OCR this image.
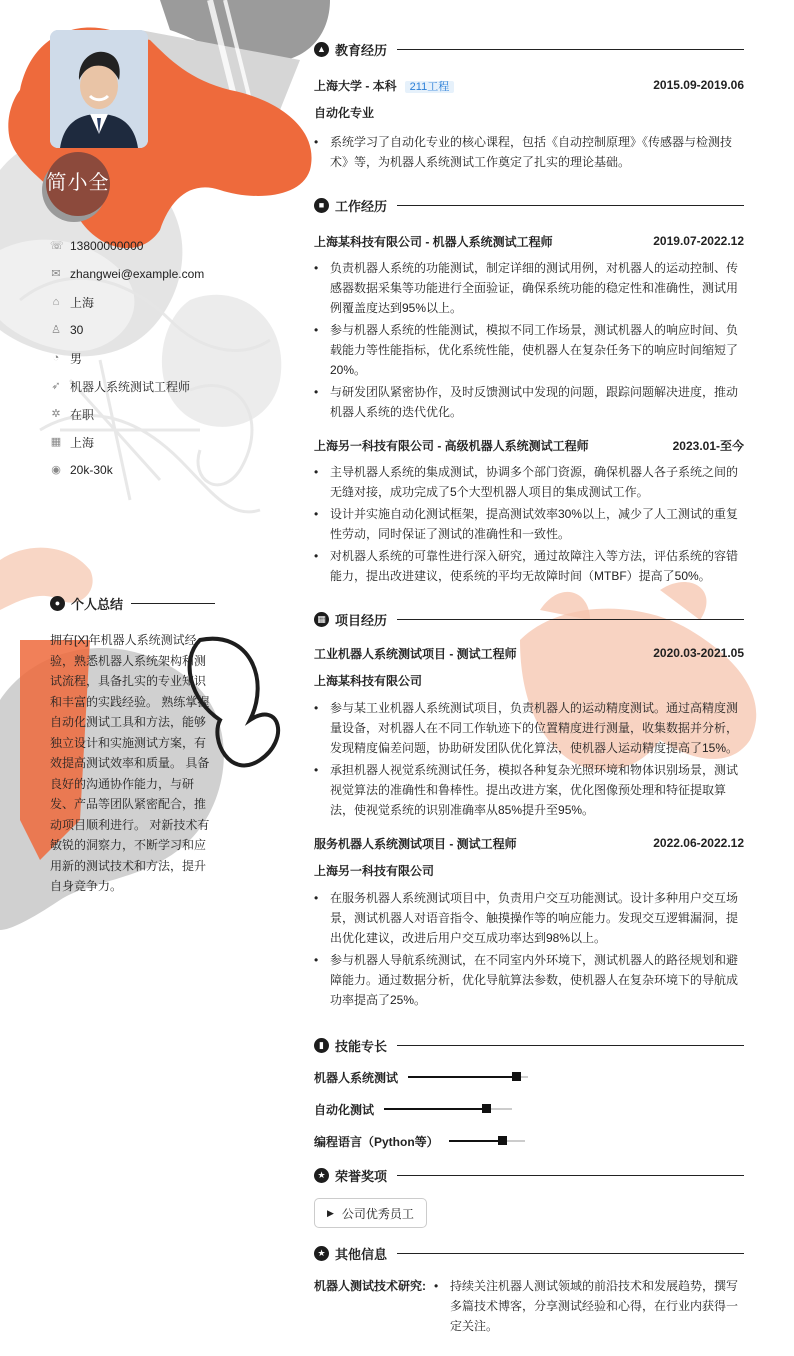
简小全
☏ 13800000000
✉ zhangwei@example.com
⌂ 上海
♙ 30
◔ 男
➶ 机器人系统测试工程师
✲ 在职
▦ 上海
◉ 20k-30k
● 个人总结
拥有[X]年机器人系统测试经验，熟悉机器人系统架构和测试流程，具备扎实的专业知识和丰富的实践经验。 熟练掌握自动化测试工具和方法，能够独立设计和实施测试方案，有效提高测试效率和质量。 具备良好的沟通协作能力，与研发、产品等团队紧密配合，推动项目顺利进行。 对新技术有敏锐的洞察力，不断学习和应用新的测试技术和方法，提升自身竞争力。
▲ 教育经历
上海大学 - 本科 211工程	2015.09-2019.06
自动化专业
• 系统学习了自动化专业的核心课程，包括《自动控制原理》《传感器与检测技术》等，为机器人系统测试工作奠定了扎实的理论基础。
■ 工作经历
上海某科技有限公司 - 机器人系统测试工程师	2019.07-2022.12
• 负责机器人系统的功能测试，制定详细的测试用例，对机器人的运动控制、传感器数据采集等功能进行全面验证，确保系统功能的稳定性和准确性，测试用例覆盖度达到95%以上。
• 参与机器人系统的性能测试，模拟不同工作场景，测试机器人的响应时间、负载能力等性能指标，优化系统性能，使机器人在复杂任务下的响应时间缩短了20%。
• 与研发团队紧密协作，及时反馈测试中发现的问题，跟踪问题解决进度，推动机器人系统的迭代优化。
上海另一科技有限公司 - 高级机器人系统测试工程师	2023.01-至今
• 主导机器人系统的集成测试，协调多个部门资源，确保机器人各子系统之间的无缝对接，成功完成了5个大型机器人项目的集成测试工作。
• 设计并实施自动化测试框架，提高测试效率30%以上，减少了人工测试的重复性劳动，同时保证了测试的准确性和一致性。
• 对机器人系统的可靠性进行深入研究，通过故障注入等方法，评估系统的容错能力，提出改进建议，使系统的平均无故障时间（MTBF）提高了50%。
▦ 项目经历
工业机器人系统测试项目 - 测试工程师	2020.03-2021.05
上海某科技有限公司
• 参与某工业机器人系统测试项目，负责机器人的运动精度测试。通过高精度测量设备，对机器人在不同工作轨迹下的位置精度进行测量，收集数据并分析，发现精度偏差问题，协助研发团队优化算法，使机器人运动精度提高了15%。
• 承担机器人视觉系统测试任务，模拟各种复杂光照环境和物体识别场景，测试视觉算法的准确性和鲁棒性。提出改进方案，优化图像预处理和特征提取算法，使视觉系统的识别准确率从85%提升至95%。
服务机器人系统测试项目 - 测试工程师	2022.06-2022.12
上海另一科技有限公司
• 在服务机器人系统测试项目中，负责用户交互功能测试。设计多种用户交互场景，测试机器人对语音指令、触摸操作等的响应能力。发现交互逻辑漏洞，提出优化建议，改进后用户交互成功率达到98%以上。
• 参与机器人导航系统测试，在不同室内外环境下，测试机器人的路径规划和避障能力。通过数据分析，优化导航算法参数，使机器人在复杂环境下的导航成功率提高了25%。
▮ 技能专长
机器人系统测试
自动化测试
编程语言（Python等）
★ 荣誉奖项
▶ 公司优秀员工
★ 其他信息
机器人测试技术研究:
•	持续关注机器人测试领域的前沿技术和发展趋势，撰写多篇技术博客，分享测试经验和心得，在行业内获得一定关注。
